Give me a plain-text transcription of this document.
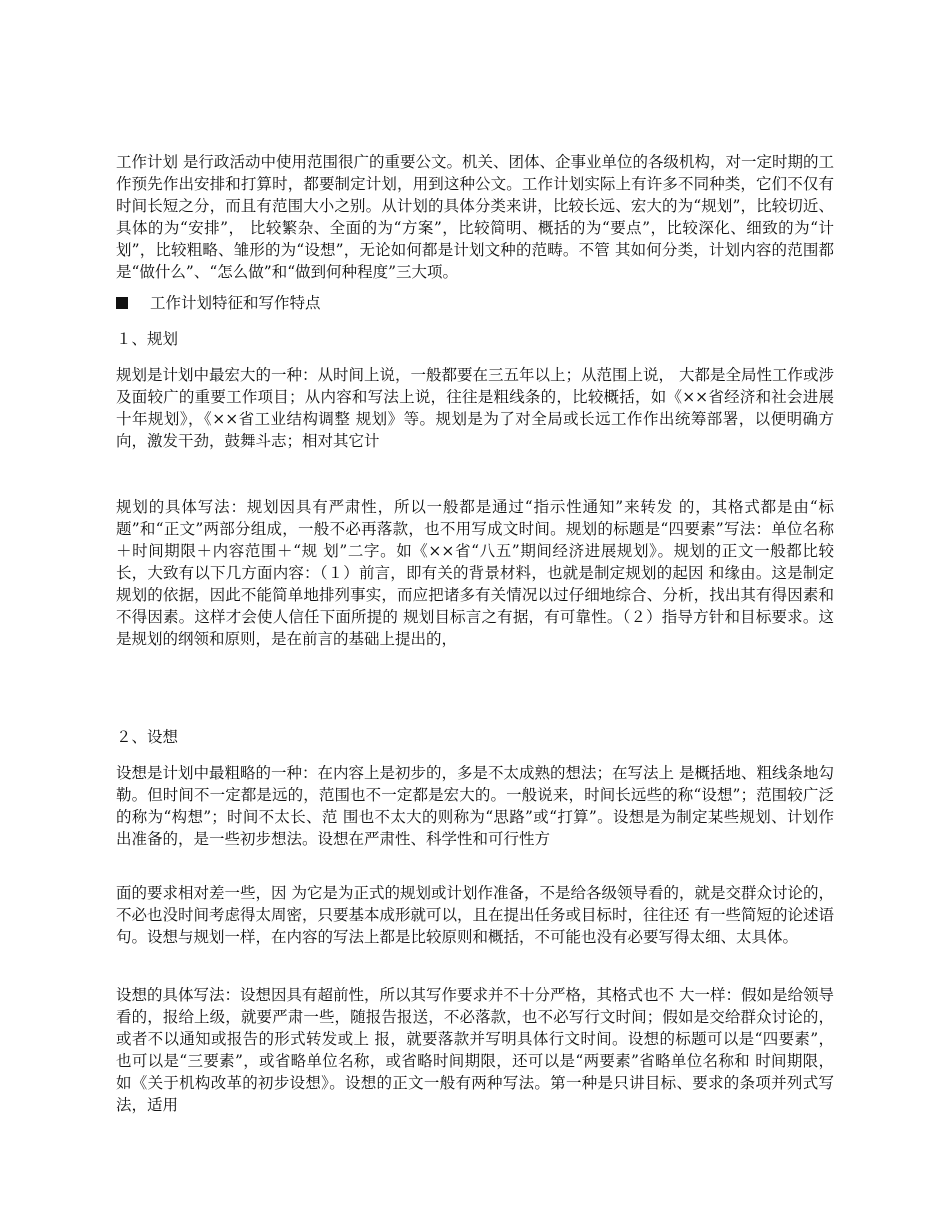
工作计划 是行政活动中使用范围很广的重要公文。机关、团体、企事业单位的各级机构，对一定时期的工作预先作出安排和打算时，都要制定计划，用到这种公文。工作计划实际上有许多不同种类，它们不仅有时间长短之分，而且有范围大小之别。从计划的具体分类来讲，比较长远、宏大的为“规划”，比较切近、具体的为“安排”， 比较繁杂、全面的为“方案”，比较简明、概括的为“要点”，比较深化、细致的为“计划”，比较粗略、雏形的为“设想”，无论如何都是计划文种的范畴。不管 其如何分类，计划内容的范围都是“做什么”、“怎么做”和“做到何种程度”三大项。

工作计划特征和写作特点
１、规划

规划是计划中最宏大的一种：从时间上说，一般都要在三五年以上；从范围上说， 大都是全局性工作或涉及面较广的重要工作项目；从内容和写法上说，往往是粗线条的，比较概括，如《××省经济和社会进展十年规划》，《××省工业结构调整 规划》等。规划是为了对全局或长远工作作出统筹部署，以便明确方向，激发干劲，鼓舞斗志；相对其它计

规划的具体写法：规划因具有严肃性，所以一般都是通过“指示性通知”来转发 的，其格式都是由“标题”和“正文”两部分组成，一般不必再落款，也不用写成文时间。规划的标题是“四要素”写法：单位名称＋时间期限＋内容范围＋“规 划”二字。如《××省“八五”期间经济进展规划》。规划的正文一般都比较长，大致有以下几方面内容：（１）前言，即有关的背景材料，也就是制定规划的起因 和缘由。这是制定规划的依据，因此不能简单地排列事实，而应把诸多有关情况以过仔细地综合、分析，找出其有得因素和不得因素。这样才会使人信任下面所提的 规划目标言之有据，有可靠性。（２）指导方针和目标要求。这是规划的纲领和原则，是在前言的基础上提出的，

２、设想

设想是计划中最粗略的一种：在内容上是初步的，多是不太成熟的想法；在写法上 是概括地、粗线条地勾勒。但时间不一定都是远的，范围也不一定都是宏大的。一般说来，时间长远些的称“设想”；范围较广泛的称为“构想”；时间不太长、范 围也不太大的则称为“思路”或“打算”。设想是为制定某些规划、计划作出准备的，是一些初步想法。设想在严肃性、科学性和可行性方

面的要求相对差一些，因 为它是为正式的规划或计划作准备，不是给各级领导看的，就是交群众讨论的，不必也没时间考虑得太周密，只要基本成形就可以，且在提出任务或目标时，往往还 有一些简短的论述语句。设想与规划一样，在内容的写法上都是比较原则和概括，不可能也没有必要写得太细、太具体。

设想的具体写法：设想因具有超前性，所以其写作要求并不十分严格，其格式也不 大一样：假如是给领导看的，报给上级，就要严肃一些，随报告报送，不必落款，也不必写行文时间；假如是交给群众讨论的，或者不以通知或报告的形式转发或上 报，就要落款并写明具体行文时间。设想的标题可以是“四要素”，也可以是“三要素”，或省略单位名称，或省略时间期限，还可以是“两要素”省略单位名称和 时间期限，如《关于机构改革的初步设想》。设想的正文一般有两种写法。第一种是只讲目标、要求的条项并列式写法，适用
